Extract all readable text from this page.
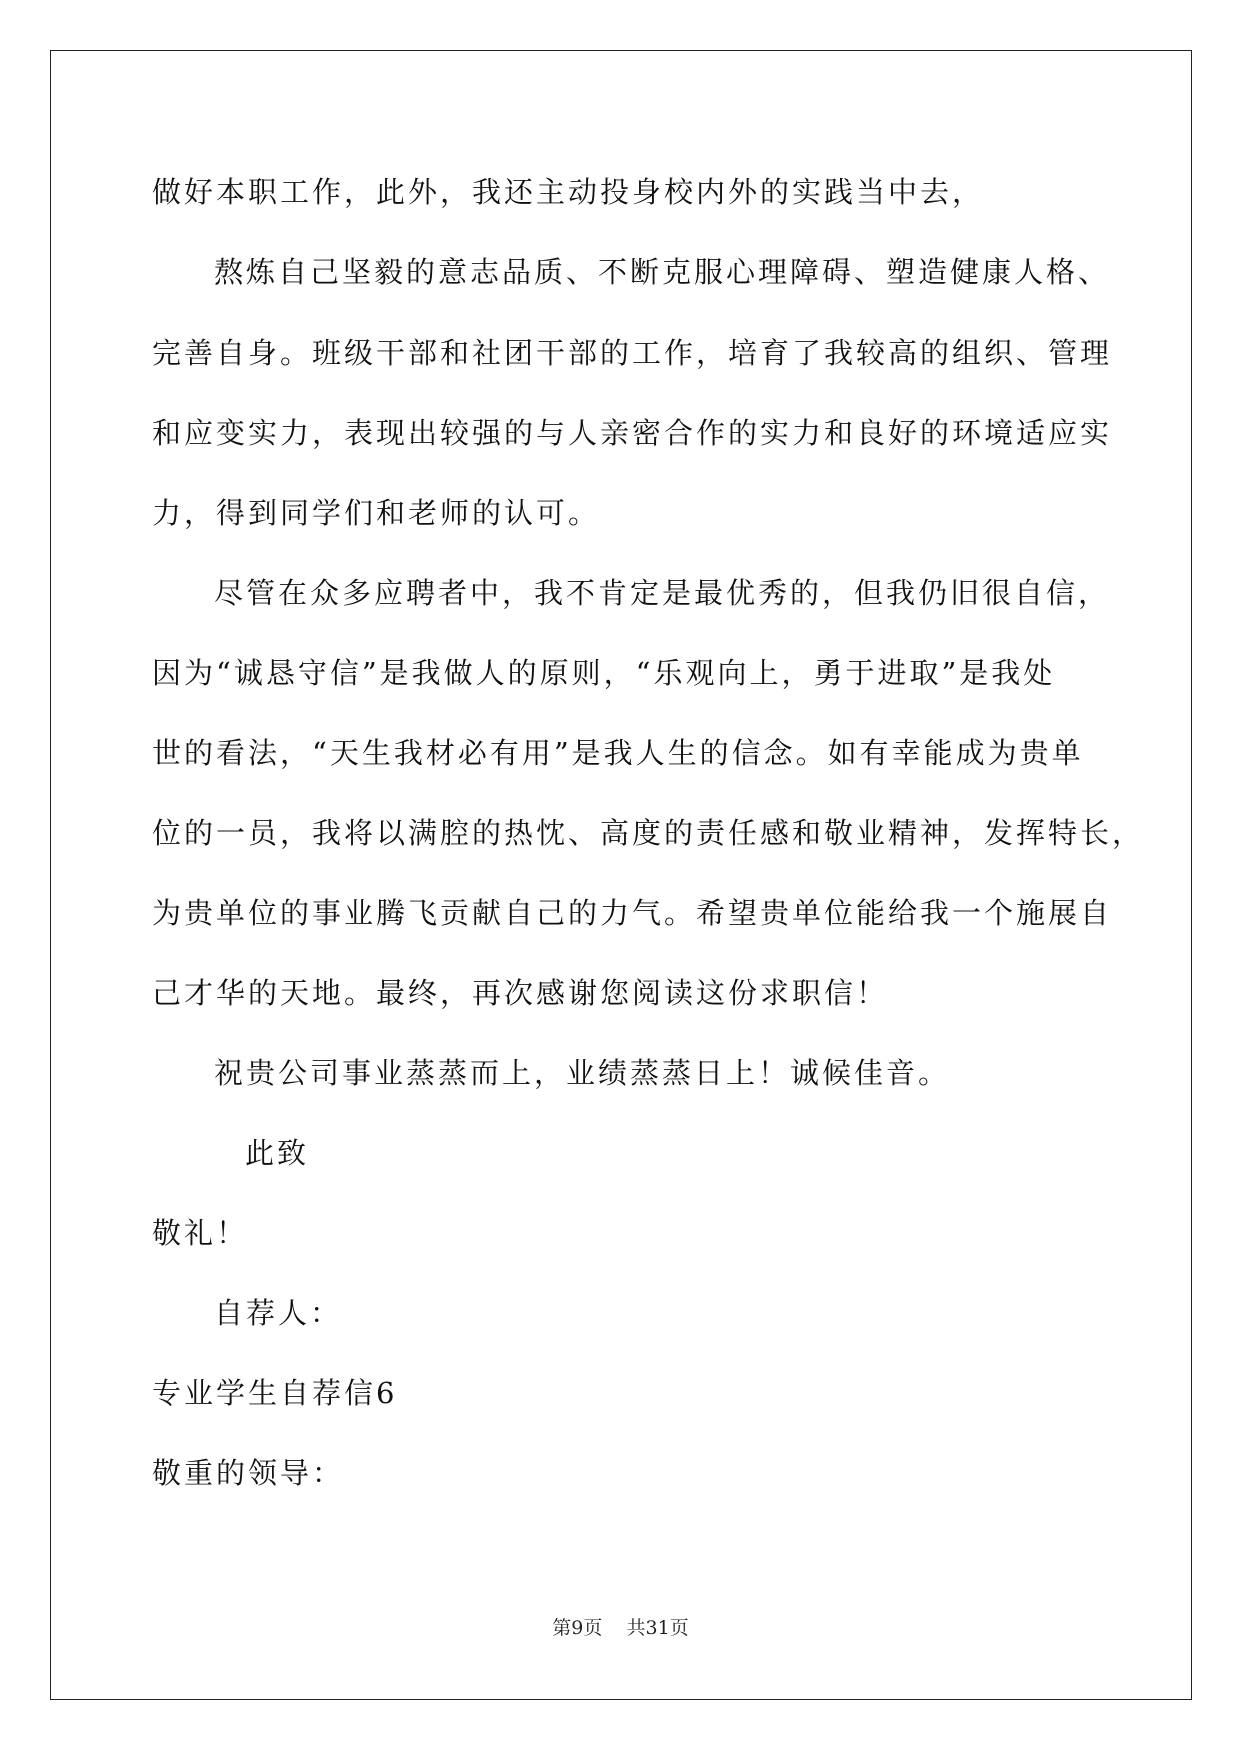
做好本职工作，此外，我还主动投身校内外的实践当中去，
熬炼自己坚毅的意志品质、不断克服心理障碍、塑造健康人格、
完善自身。班级干部和社团干部的工作，培育了我较高的组织、管理
和应变实力，表现出较强的与人亲密合作的实力和良好的环境适应实
力，得到同学们和老师的认可。
尽管在众多应聘者中，我不肯定是最优秀的，但我仍旧很自信，
因为“诚恳守信”是我做人的原则，“乐观向上，勇于进取”是我处
世的看法，“天生我材必有用”是我人生的信念。如有幸能成为贵单
位的一员，我将以满腔的热忱、高度的责任感和敬业精神，发挥特长，
为贵单位的事业腾飞贡献自己的力气。希望贵单位能给我一个施展自
己才华的天地。最终，再次感谢您阅读这份求职信！
祝贵公司事业蒸蒸而上，业绩蒸蒸日上！诚候佳音。
此致
敬礼！
自荐人：
专业学生自荐信6
敬重的领导：
第9页 共31页
